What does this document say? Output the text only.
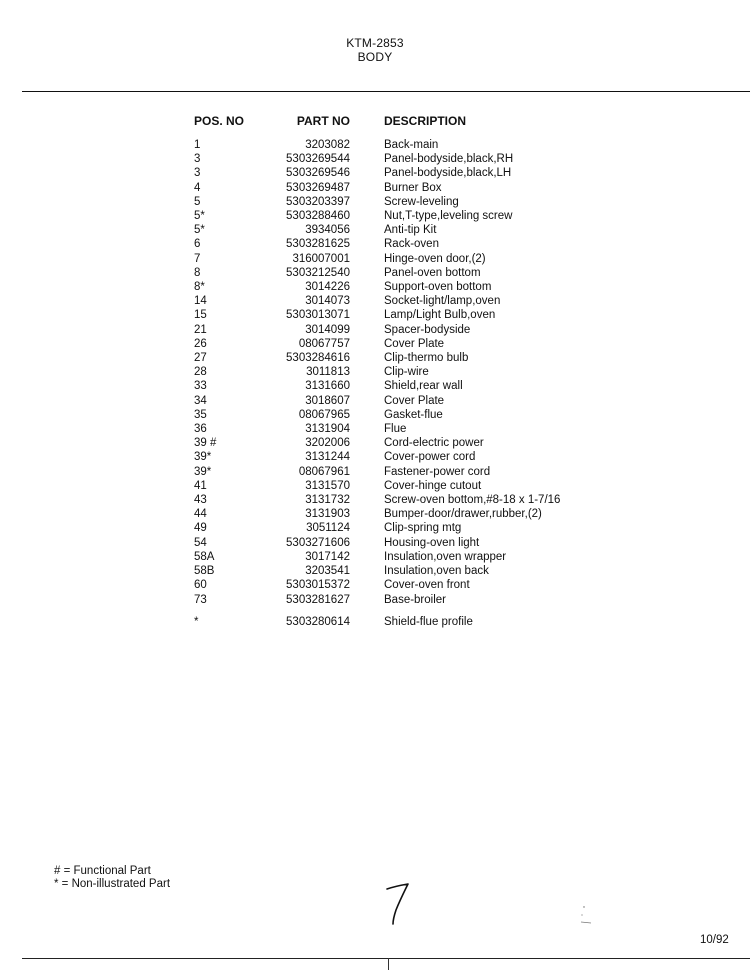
KTM-2853
BODY
POS. NO	PART NO	DESCRIPTION
1	3203082	Back-main
3	5303269544	Panel-bodyside,black,RH
3	5303269546	Panel-bodyside,black,LH
4	5303269487	Burner Box
5	5303203397	Screw-leveling
5*	5303288460	Nut,T-type,leveling screw
5*	3934056	Anti-tip Kit
6	5303281625	Rack-oven
7	316007001	Hinge-oven door,(2)
8	5303212540	Panel-oven bottom
8*	3014226	Support-oven bottom
14	3014073	Socket-light/lamp,oven
15	5303013071	Lamp/Light Bulb,oven
21	3014099	Spacer-bodyside
26	08067757	Cover Plate
27	5303284616	Clip-thermo bulb
28	3011813	Clip-wire
33	3131660	Shield,rear wall
34	3018607	Cover Plate
35	08067965	Gasket-flue
36	3131904	Flue
39 #	3202006	Cord-electric power
39*	3131244	Cover-power cord
39*	08067961	Fastener-power cord
41	3131570	Cover-hinge cutout
43	3131732	Screw-oven bottom,#8-18 x 1-7/16
44	3131903	Bumper-door/drawer,rubber,(2)
49	3051124	Clip-spring mtg
54	5303271606	Housing-oven light
58A	3017142	Insulation,oven wrapper
58B	3203541	Insulation,oven back
60	5303015372	Cover-oven front
73	5303281627	Base-broiler
*	5303280614	Shield-flue profile
# = Functional Part
* = Non-illustrated Part
10/92
